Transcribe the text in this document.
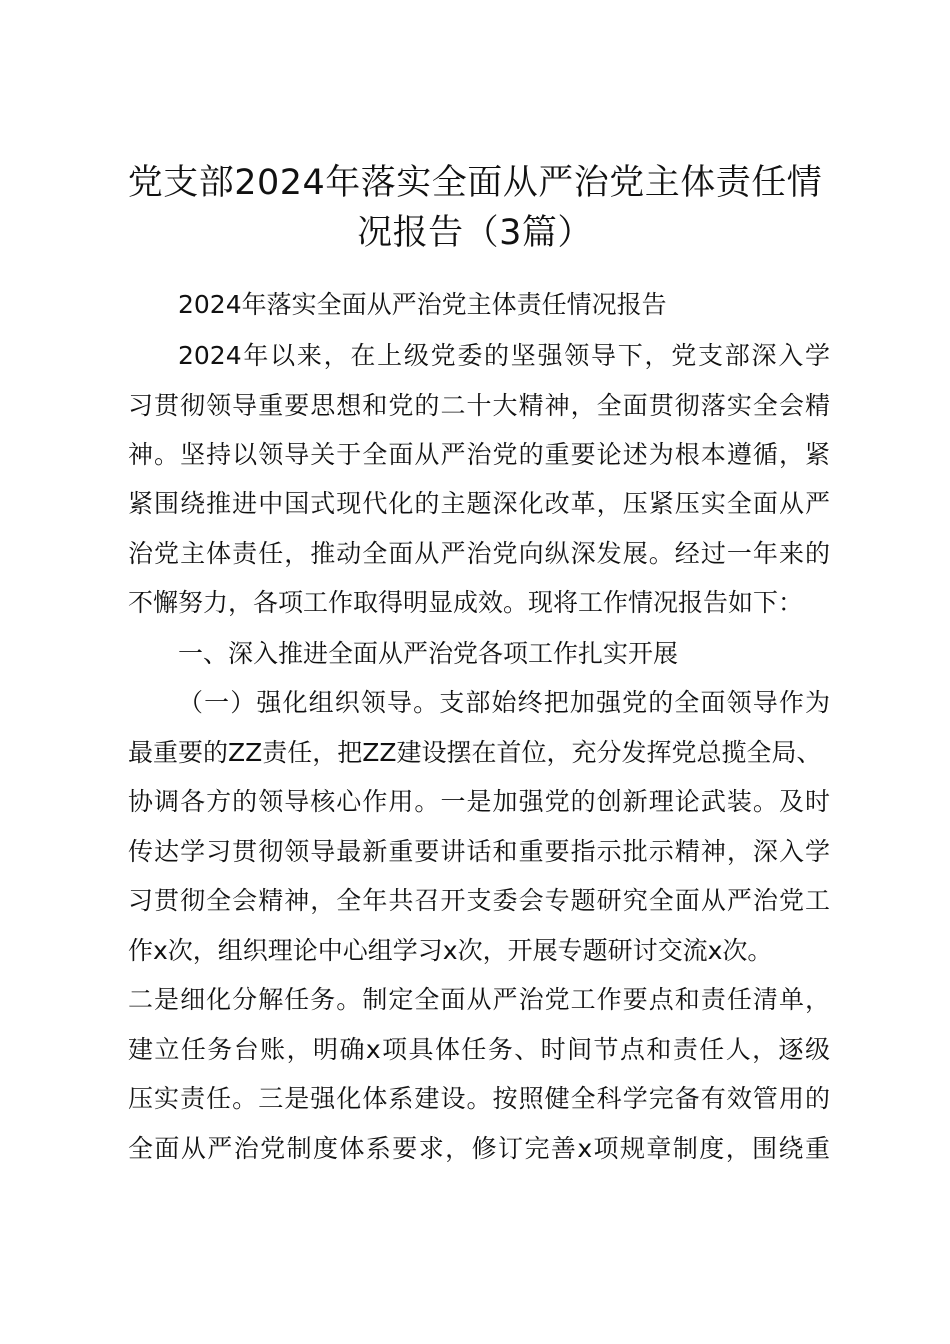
党支部2024年落实全面从严治党主体责任情
况报告（3篇）

2024年落实全面从严治党主体责任情况报告

2024年以来，在上级党委的坚强领导下，党支部深入学
习贯彻领导重要思想和党的二十大精神，全面贯彻落实全会精
神。坚持以领导关于全面从严治党的重要论述为根本遵循，紧
紧围绕推进中国式现代化的主题深化改革，压紧压实全面从严
治党主体责任，推动全面从严治党向纵深发展。经过一年来的
不懈努力，各项工作取得明显成效。现将工作情况报告如下：

一、深入推进全面从严治党各项工作扎实开展

（一）强化组织领导。支部始终把加强党的全面领导作为
最重要的ZZ责任，把ZZ建设摆在首位，充分发挥党总揽全局、
协调各方的领导核心作用。一是加强党的创新理论武装。及时
传达学习贯彻领导最新重要讲话和重要指示批示精神，深入学
习贯彻全会精神，全年共召开支委会专题研究全面从严治党工
作x次，组织理论中心组学习x次，开展专题研讨交流x次。
二是细化分解任务。制定全面从严治党工作要点和责任清单，
建立任务台账，明确x项具体任务、时间节点和责任人，逐级
压实责任。三是强化体系建设。按照健全科学完备有效管用的
全面从严治党制度体系要求，修订完善x项规章制度，围绕重
